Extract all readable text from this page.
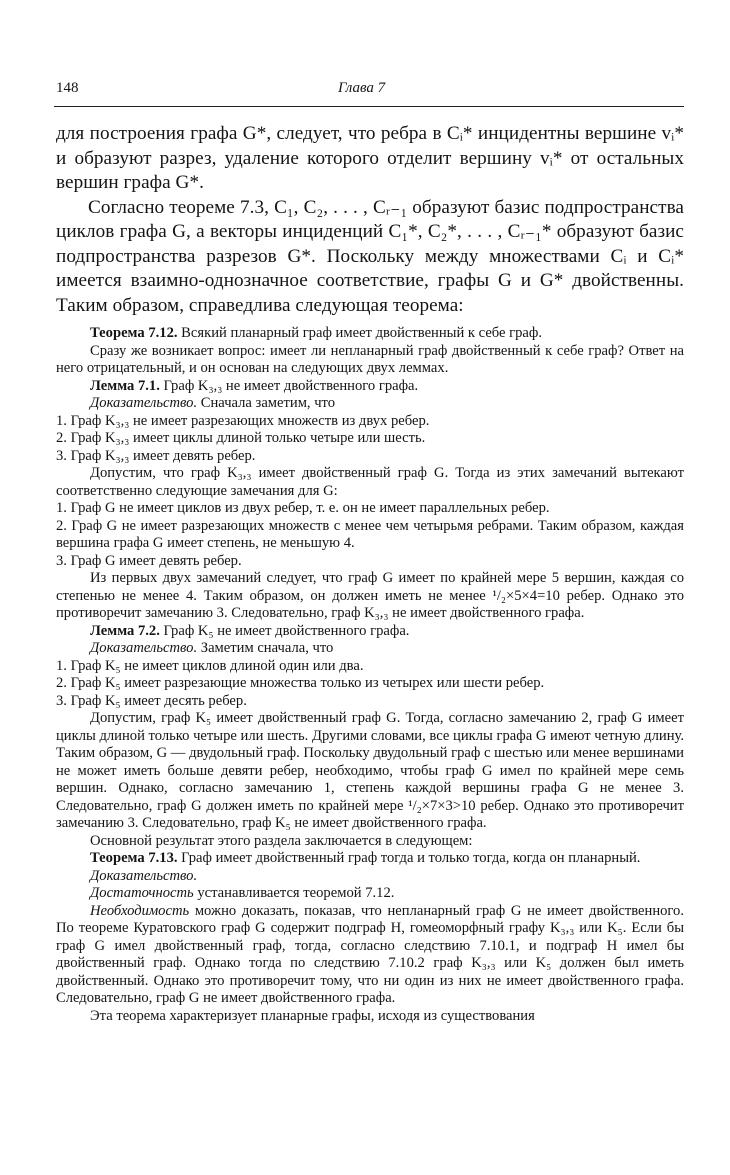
148	Глава 7

для построения графа G*, следует, что ребра в Cᵢ* инцидентны вершине vᵢ* и образуют разрез, удаление которого отделит вершину vᵢ* от остальных вершин графа G*.

Согласно теореме 7.3, C₁, C₂, . . . , Cᵣ₋₁ образуют базис подпространства циклов графа G, а векторы инциденций C₁*, C₂*, . . . , Cᵣ₋₁* образуют базис подпространства разрезов G*. Поскольку между множествами Cᵢ и Cᵢ* имеется взаимно-однозначное соответствие, графы G и G* двойственны. Таким образом, справедлива следующая теорема:

Теорема 7.12. Всякий планарный граф имеет двойственный к себе граф.

Сразу же возникает вопрос: имеет ли непланарный граф двойственный к себе граф? Ответ на него отрицательный, и он основан на следующих двух леммах.

Лемма 7.1. Граф K₃,₃ не имеет двойственного графа.

Доказательство. Сначала заметим, что

1. Граф K₃,₃ не имеет разрезающих множеств из двух ребер.

2. Граф K₃,₃ имеет циклы длиной только четыре или шесть.

3. Граф K₃,₃ имеет девять ребер.

Допустим, что граф K₃,₃ имеет двойственный граф G. Тогда из этих замечаний вытекают соответственно следующие замечания для G:

1. Граф G не имеет циклов из двух ребер, т. е. он не имеет параллельных ребер.

2. Граф G не имеет разрезающих множеств с менее чем четырьмя ребрами. Таким образом, каждая вершина графа G имеет степень, не меньшую 4.

3. Граф G имеет девять ребер.

Из первых двух замечаний следует, что граф G имеет по крайней мере 5 вершин, каждая со степенью не менее 4. Таким образом, он должен иметь не менее ¹/₂×5×4=10 ребер. Однако это противоречит замечанию 3. Следовательно, граф K₃,₃ не имеет двойственного графа.

Лемма 7.2. Граф K₅ не имеет двойственного графа.

Доказательство. Заметим сначала, что

1. Граф K₅ не имеет циклов длиной один или два.

2. Граф K₅ имеет разрезающие множества только из четырех или шести ребер.

3. Граф K₅ имеет десять ребер.

Допустим, граф K₅ имеет двойственный граф G. Тогда, согласно замечанию 2, граф G имеет циклы длиной только четыре или шесть. Другими словами, все циклы графа G имеют четную длину. Таким образом, G — двудольный граф. Поскольку двудольный граф с шестью или менее вершинами не может иметь больше девяти ребер, необходимо, чтобы граф G имел по крайней мере семь вершин. Однако, согласно замечанию 1, степень каждой вершины графа G не менее 3. Следовательно, граф G должен иметь по крайней мере ¹/₂×7×3>10 ребер. Однако это противоречит замечанию 3. Следовательно, граф K₅ не имеет двойственного графа.

Основной результат этого раздела заключается в следующем:

Теорема 7.13. Граф имеет двойственный граф тогда и только тогда, когда он планарный.

Доказательство.

Достаточность устанавливается теоремой 7.12.

Необходимость можно доказать, показав, что непланарный граф G не имеет двойственного. По теореме Куратовского граф G содержит подграф H, гомеоморфный графу K₃,₃ или K₅. Если бы граф G имел двойственный граф, тогда, согласно следствию 7.10.1, и подграф H имел бы двойственный граф. Однако тогда по следствию 7.10.2 граф K₃,₃ или K₅ должен был иметь двойственный. Однако это противоречит тому, что ни один из них не имеет двойственного графа. Следовательно, граф G не имеет двойственного графа.

Эта теорема характеризует планарные графы, исходя из существования
